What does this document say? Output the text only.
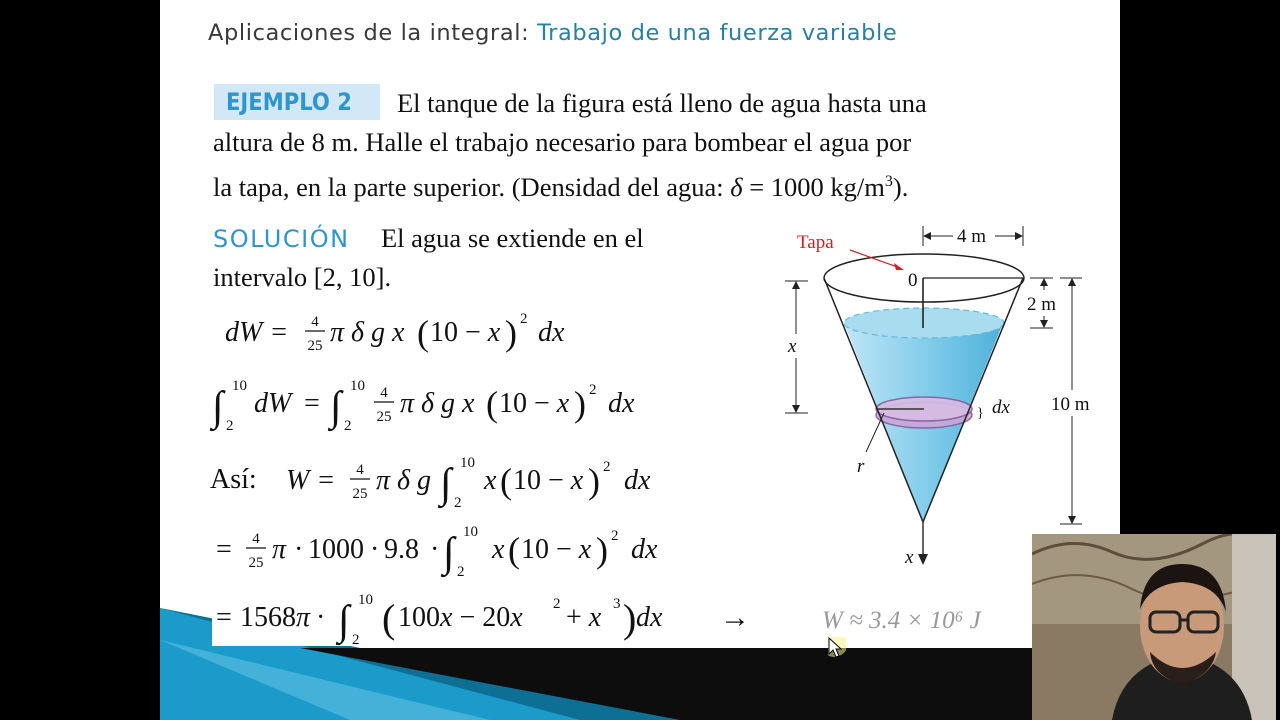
Aplicaciones de la integral: Trabajo de una fuerza variable
EJEMPLO 2 El tanque de la figura está lleno de agua hasta una
altura de 8 m. Halle el trabajo necesario para bombear el agua por
la tapa, en la parte superior. (Densidad del agua: δ = 1000 $kg/m^3$).
SOLUCIÓN El agua se extiende en el
intervalo [2, 10].
dW = 4
25 π δ g x ( 10 − x ) 2 dx
∫ 10
2
dW = ∫ 10
2
4
25 π δ g x ( 10 − x ) 2 dx
Así: W = 4
25 π δ g ∫ 10
2
x ( 10 − x ) 2 dx
= 4
25 π · 1000 · 9.8 · ∫ 10
2
x ( 10 − x ) 2 dx
= 1568 π · ∫ 10
2 ( 100x − 20x 2 + x 3 ) dx →	W ≈ 3.4 × 10⁶ J
x
0
Tapa	4 m
2 m
10 m
x
} dx
r
